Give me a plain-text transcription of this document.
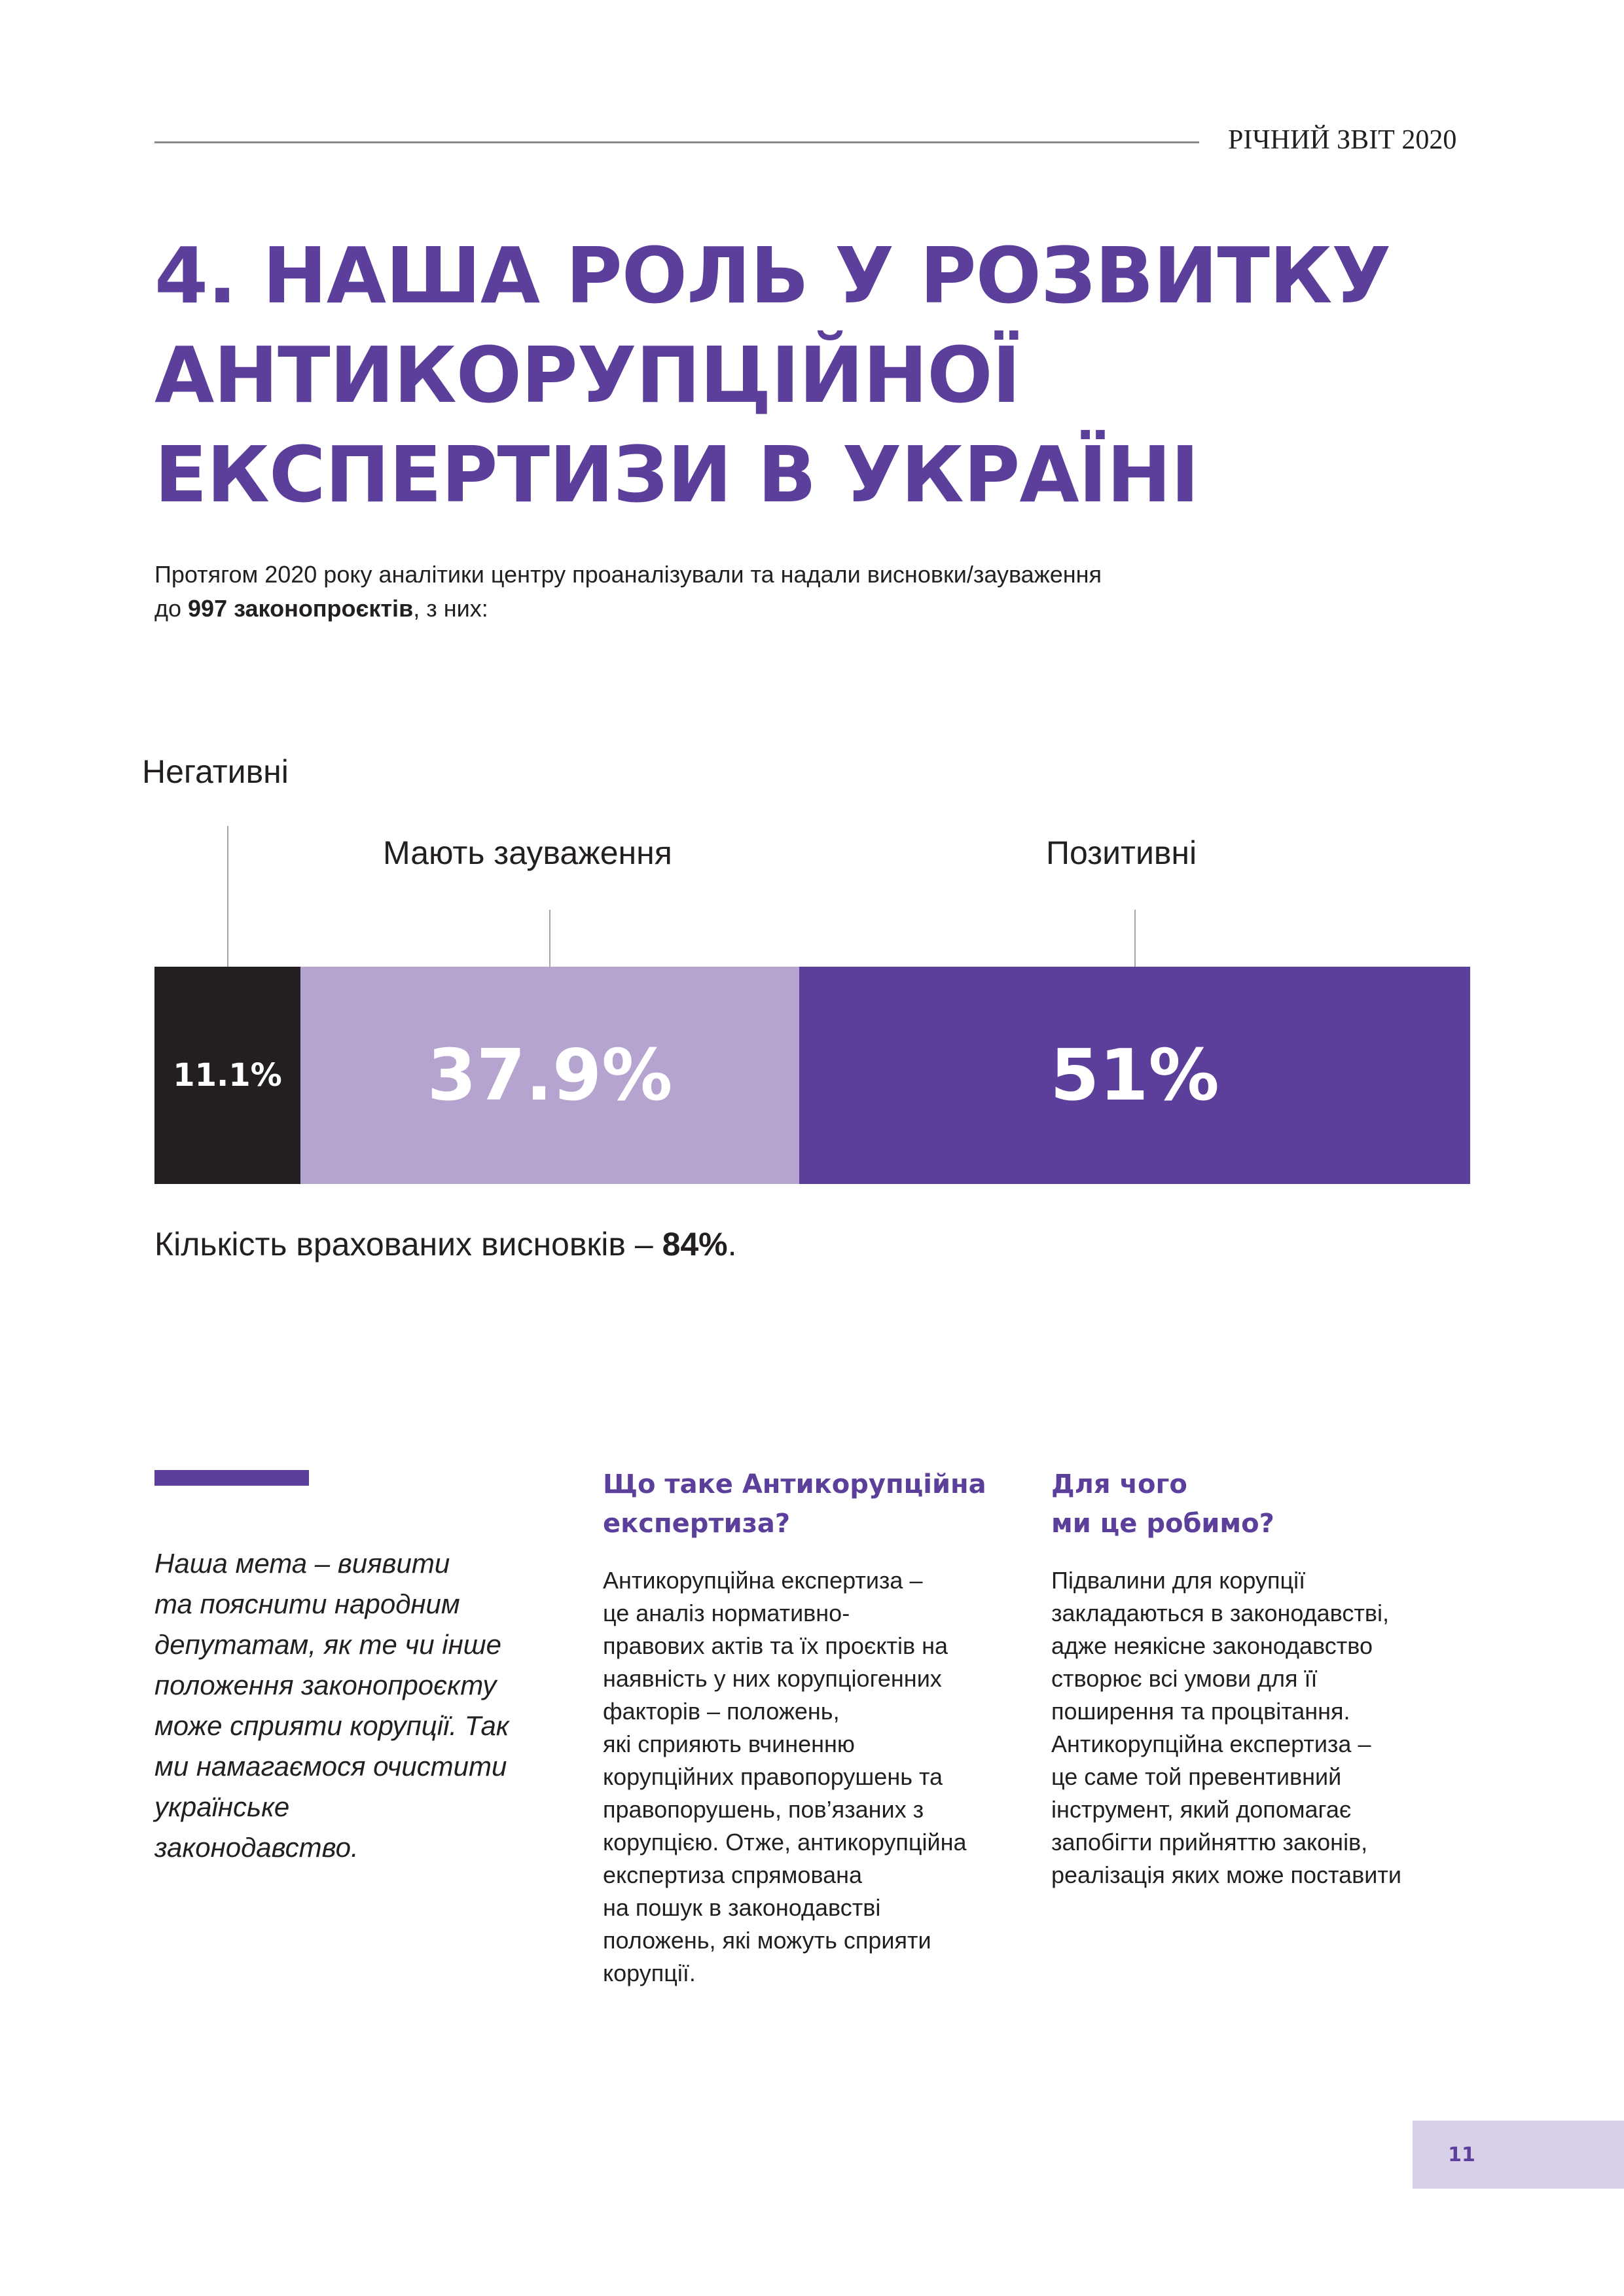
РІЧНИЙ ЗВІТ 2020
4. НАША РОЛЬ У РОЗВИТКУ
АНТИКОРУПЦІЙНОЇ
ЕКСПЕРТИЗИ В УКРАЇНІ
Протягом 2020 року аналітики центру проаналізували та надали висновки/зауваження
до 997 законопроєктів, з них:
Негативні
Мають зауваження	Позитивні
11.1% 37.9%	51%
Кількість врахованих висновків – 84%.
Наша мета – виявити
та пояснити народним
депутатам, як те чи інше
положення законопроєкту
може сприяти корупції. Так
ми намагаємося очистити
українське
законодавство.
Що таке Антикорупційна
експертиза?
Антикорупційна експертиза –
це аналіз нормативно-
правових актів та їх проєктів на
наявність у них корупціогенних
факторів – положень,
які сприяють вчиненню
корупційних правопорушень та
правопорушень, пов’язаних з
корупцією. Отже, антикорупційна
експертиза спрямована
на пошук в законодавстві
положень, які можуть сприяти
корупції.
Для чого
ми це робимо?
Підвалини для корупції
закладаються в законодавстві,
адже неякісне законодавство
створює всі умови для її
поширення та процвітання.
Антикорупційна експертиза –
це саме той превентивний
інструмент, який допомагає
запобігти прийняттю законів,
реалізація яких може поставити
11
